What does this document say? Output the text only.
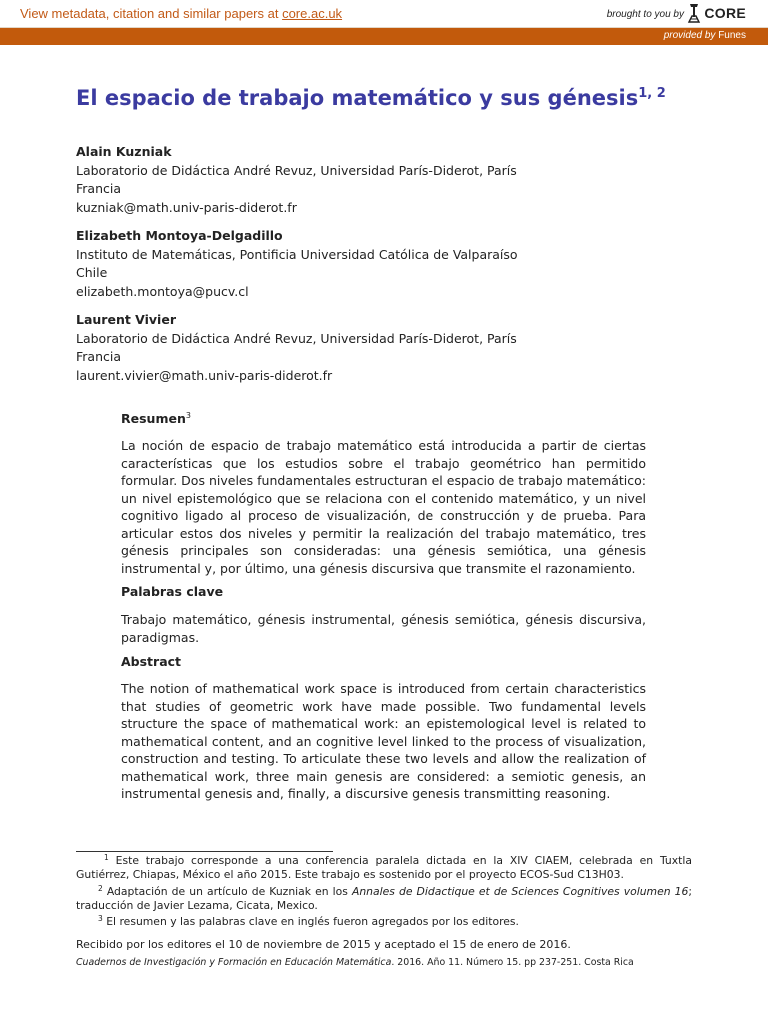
View metadata, citation and similar papers at core.ac.uk	brought to you by CORE
provided by Funes
El espacio de trabajo matemático y sus génesis$^{1, 2}$
Alain Kuzniak
Laboratorio de Didáctica André Revuz, Universidad París-Diderot, París
Francia
kuzniak@math.univ-paris-diderot.fr
Elizabeth Montoya-Delgadillo
Instituto de Matemáticas, Pontificia Universidad Católica de Valparaíso
Chile
elizabeth.montoya@pucv.cl
Laurent Vivier
Laboratorio de Didáctica André Revuz, Universidad París-Diderot, París
Francia
laurent.vivier@math.univ-paris-diderot.fr
Resumen$^3$

La noción de espacio de trabajo matemático está introducida a partir de ciertas características que los estudios sobre el trabajo geométrico han permitido formular. Dos niveles fundamentales estructuran el espacio de trabajo matemático: un nivel epistemológico que se relaciona con el contenido matemático, y un nivel cognitivo ligado al proceso de visualización, de construcción y de prueba. Para articular estos dos niveles y permitir la realización del trabajo matemático, tres génesis principales son consideradas: una génesis semiótica, una génesis instrumental y, por último, una génesis discursiva que transmite el razonamiento.

Palabras clave

Trabajo matemático, génesis instrumental, génesis semiótica, génesis discursiva, paradigmas.

Abstract

The notion of mathematical work space is introduced from certain characteristics that studies of geometric work have made possible. Two fundamental levels structure the space of mathematical work: an epistemological level is related to mathematical content, and an cognitive level linked to the process of visualization, construction and testing. To articulate these two levels and allow the realization of mathematical work, three main genesis are considered: a semiotic genesis, an instrumental genesis and, finally, a discursive genesis transmitting reasoning.

$^1$ Este trabajo corresponde a una conferencia paralela dictada en la XIV CIAEM, celebrada en Tuxtla Gutiérrez, Chiapas, México el año 2015. Este trabajo es sostenido por el proyecto ECOS-Sud C13H03.

$^2$ Adaptación de un artículo de Kuzniak en los Annales de Didactique et de Sciences Cognitives volumen 16; traducción de Javier Lezama, Cicata, Mexico.

$^3$ El resumen y las palabras clave en inglés fueron agregados por los editores.

Recibido por los editores el 10 de noviembre de 2015 y aceptado el 15 de enero de 2016.
Cuadernos de Investigación y Formación en Educación Matemática. 2016. Año 11. Número 15. pp 237-251. Costa Rica
